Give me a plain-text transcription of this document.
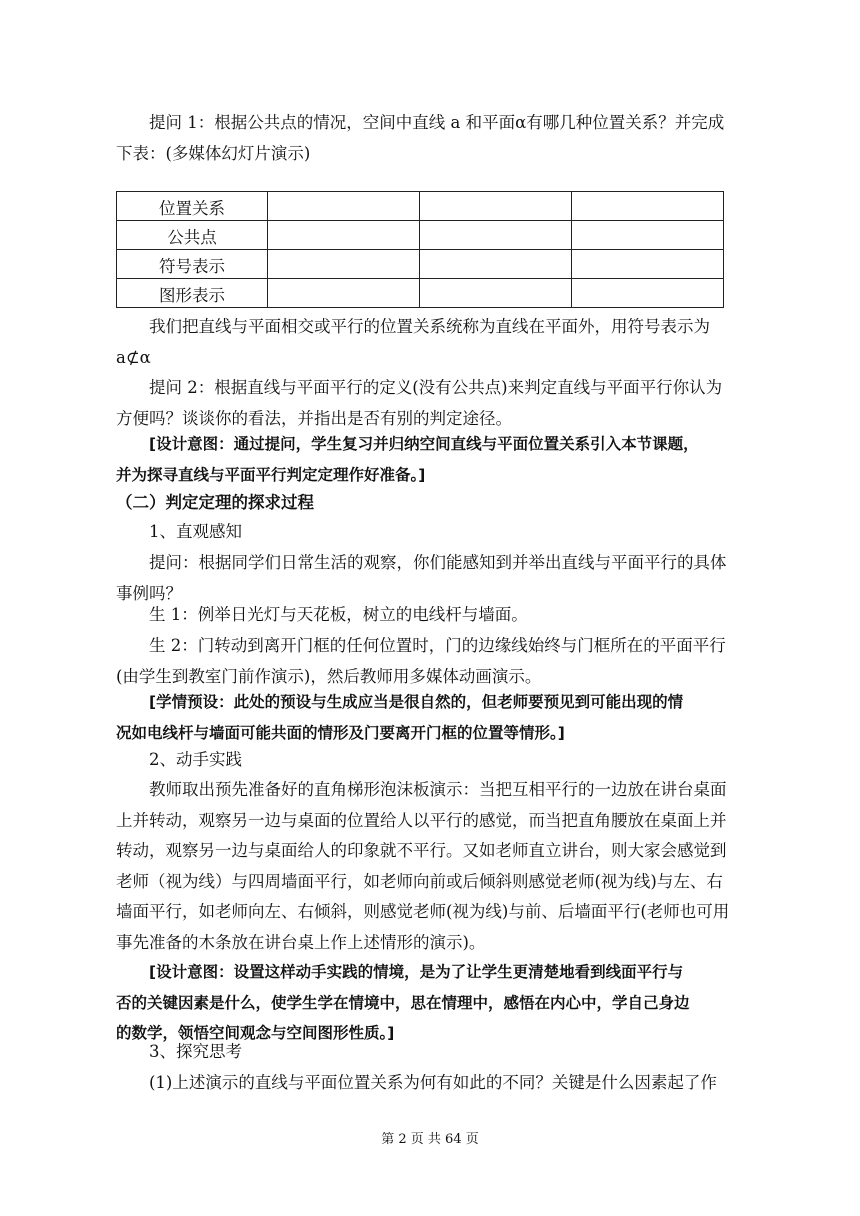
提问 1：根据公共点的情况，空间中直线 a 和平面α有哪几种位置关系？并完成
下表：(多媒体幻灯片演示)
位置关系			
公共点			
符号表示			
图形表示			
我们把直线与平面相交或平行的位置关系统称为直线在平面外，用符号表示为
a⊄α
提问 2：根据直线与平面平行的定义(没有公共点)来判定直线与平面平行你认为
方便吗？谈谈你的看法，并指出是否有别的判定途径。
[设计意图：通过提问，学生复习并归纳空间直线与平面位置关系引入本节课题，
并为探寻直线与平面平行判定定理作好准备。]
（二）判定定理的探求过程
1、直观感知
提问：根据同学们日常生活的观察，你们能感知到并举出直线与平面平行的具体
事例吗？
生 1：例举日光灯与天花板，树立的电线杆与墙面。
生 2：门转动到离开门框的任何位置时，门的边缘线始终与门框所在的平面平行
(由学生到教室门前作演示)，然后教师用多媒体动画演示。
[学情预设：此处的预设与生成应当是很自然的，但老师要预见到可能出现的情
况如电线杆与墙面可能共面的情形及门要离开门框的位置等情形。]
2、动手实践
教师取出预先准备好的直角梯形泡沫板演示：当把互相平行的一边放在讲台桌面
上并转动，观察另一边与桌面的位置给人以平行的感觉，而当把直角腰放在桌面上并
转动，观察另一边与桌面给人的印象就不平行。又如老师直立讲台，则大家会感觉到
老师（视为线）与四周墙面平行，如老师向前或后倾斜则感觉老师(视为线)与左、右
墙面平行，如老师向左、右倾斜，则感觉老师(视为线)与前、后墙面平行(老师也可用
事先准备的木条放在讲台桌上作上述情形的演示)。
[设计意图：设置这样动手实践的情境，是为了让学生更清楚地看到线面平行与
否的关键因素是什么，使学生学在情境中，思在情理中，感悟在内心中，学自己身边
的数学，领悟空间观念与空间图形性质。]
3、探究思考
(1)上述演示的直线与平面位置关系为何有如此的不同？关键是什么因素起了作
第 2 页 共 64 页
